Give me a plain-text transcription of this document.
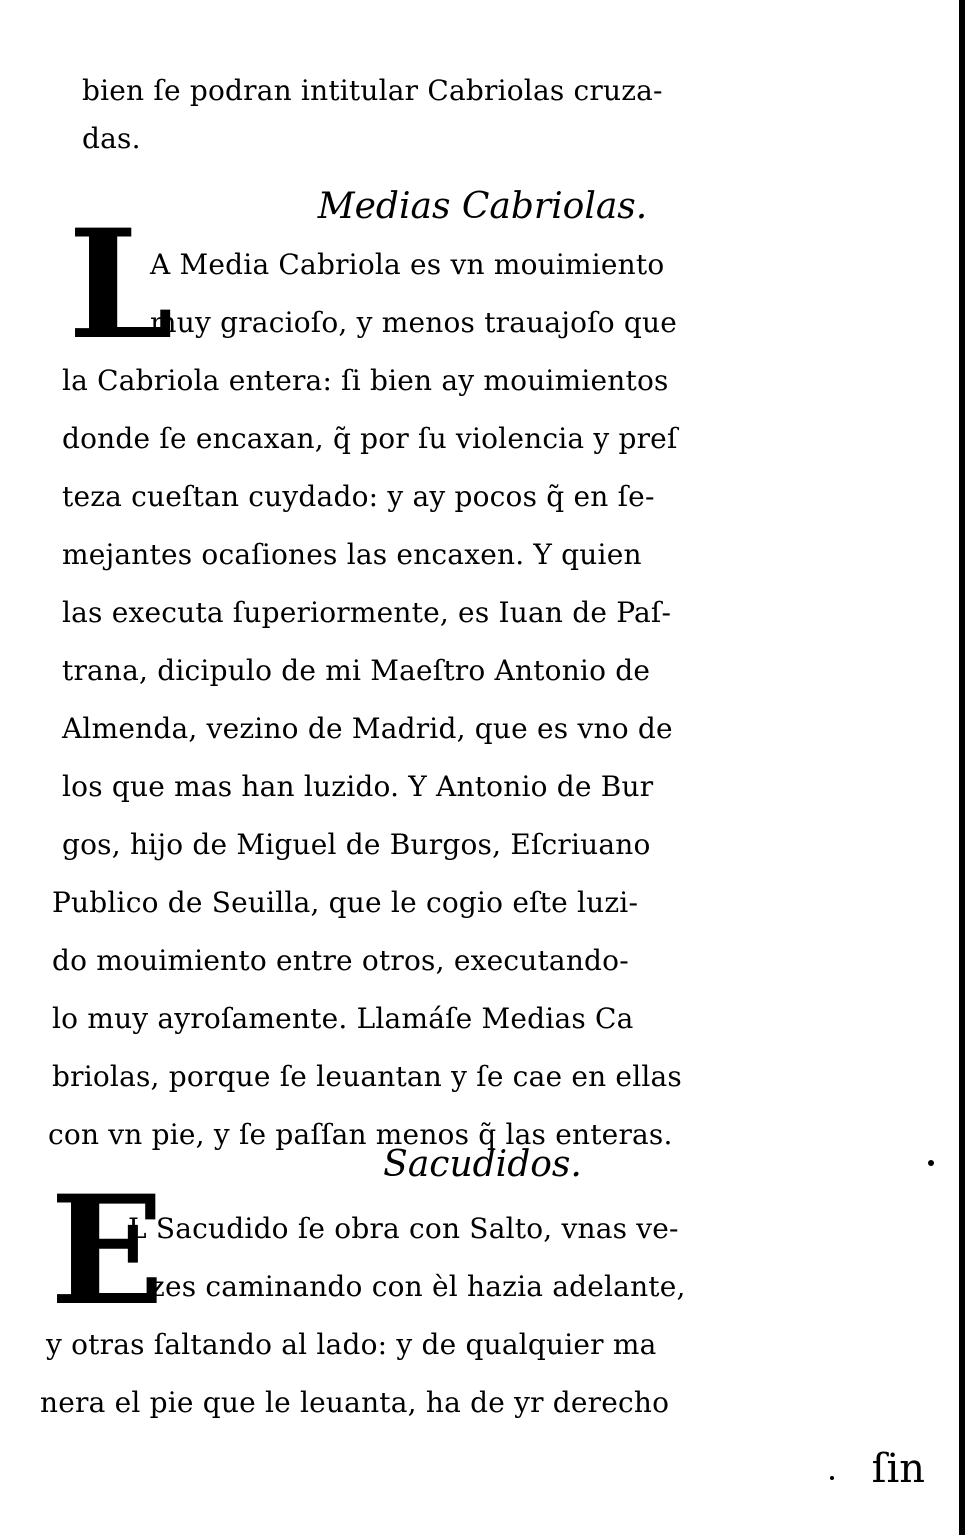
bien ſe podran intitular Cabriolas cruza-
das.
Medias Cabriolas.
L
A Media Cabriola es vn mouimiento
muy gracioſo, y menos trauajoſo que
la Cabriola entera: ſi bien ay mouimientos
donde ſe encaxan, q̃ por ſu violencia y preſ
teza cueſtan cuydado: y ay pocos q̃ en ſe-
mejantes ocaſiones las encaxen. Y quien
las executa ſuperiormente, es Iuan de Paſ-
trana, dicipulo de mi Maeſtro Antonio de
Almenda, vezino de Madrid, que es vno de
los que mas han luzido. Y Antonio de Bur
gos, hijo de Miguel de Burgos, Eſcriuano
Publico de Seuilla, que le cogio eſte luzi-
do mouimiento entre otros, executando-
lo muy ayroſamente. Llamáſe Medias Ca
briolas, porque ſe leuantan y ſe cae en ellas
con vn pie, y ſe paſſan menos q̃ las enteras.
Sacudidos.
E
L Sacudido ſe obra con Salto, vnas ve-
zes caminando con èl hazia adelante,
y otras ſaltando al lado: y de qualquier ma
nera el pie que le leuanta, ha de yr derecho
ſin
